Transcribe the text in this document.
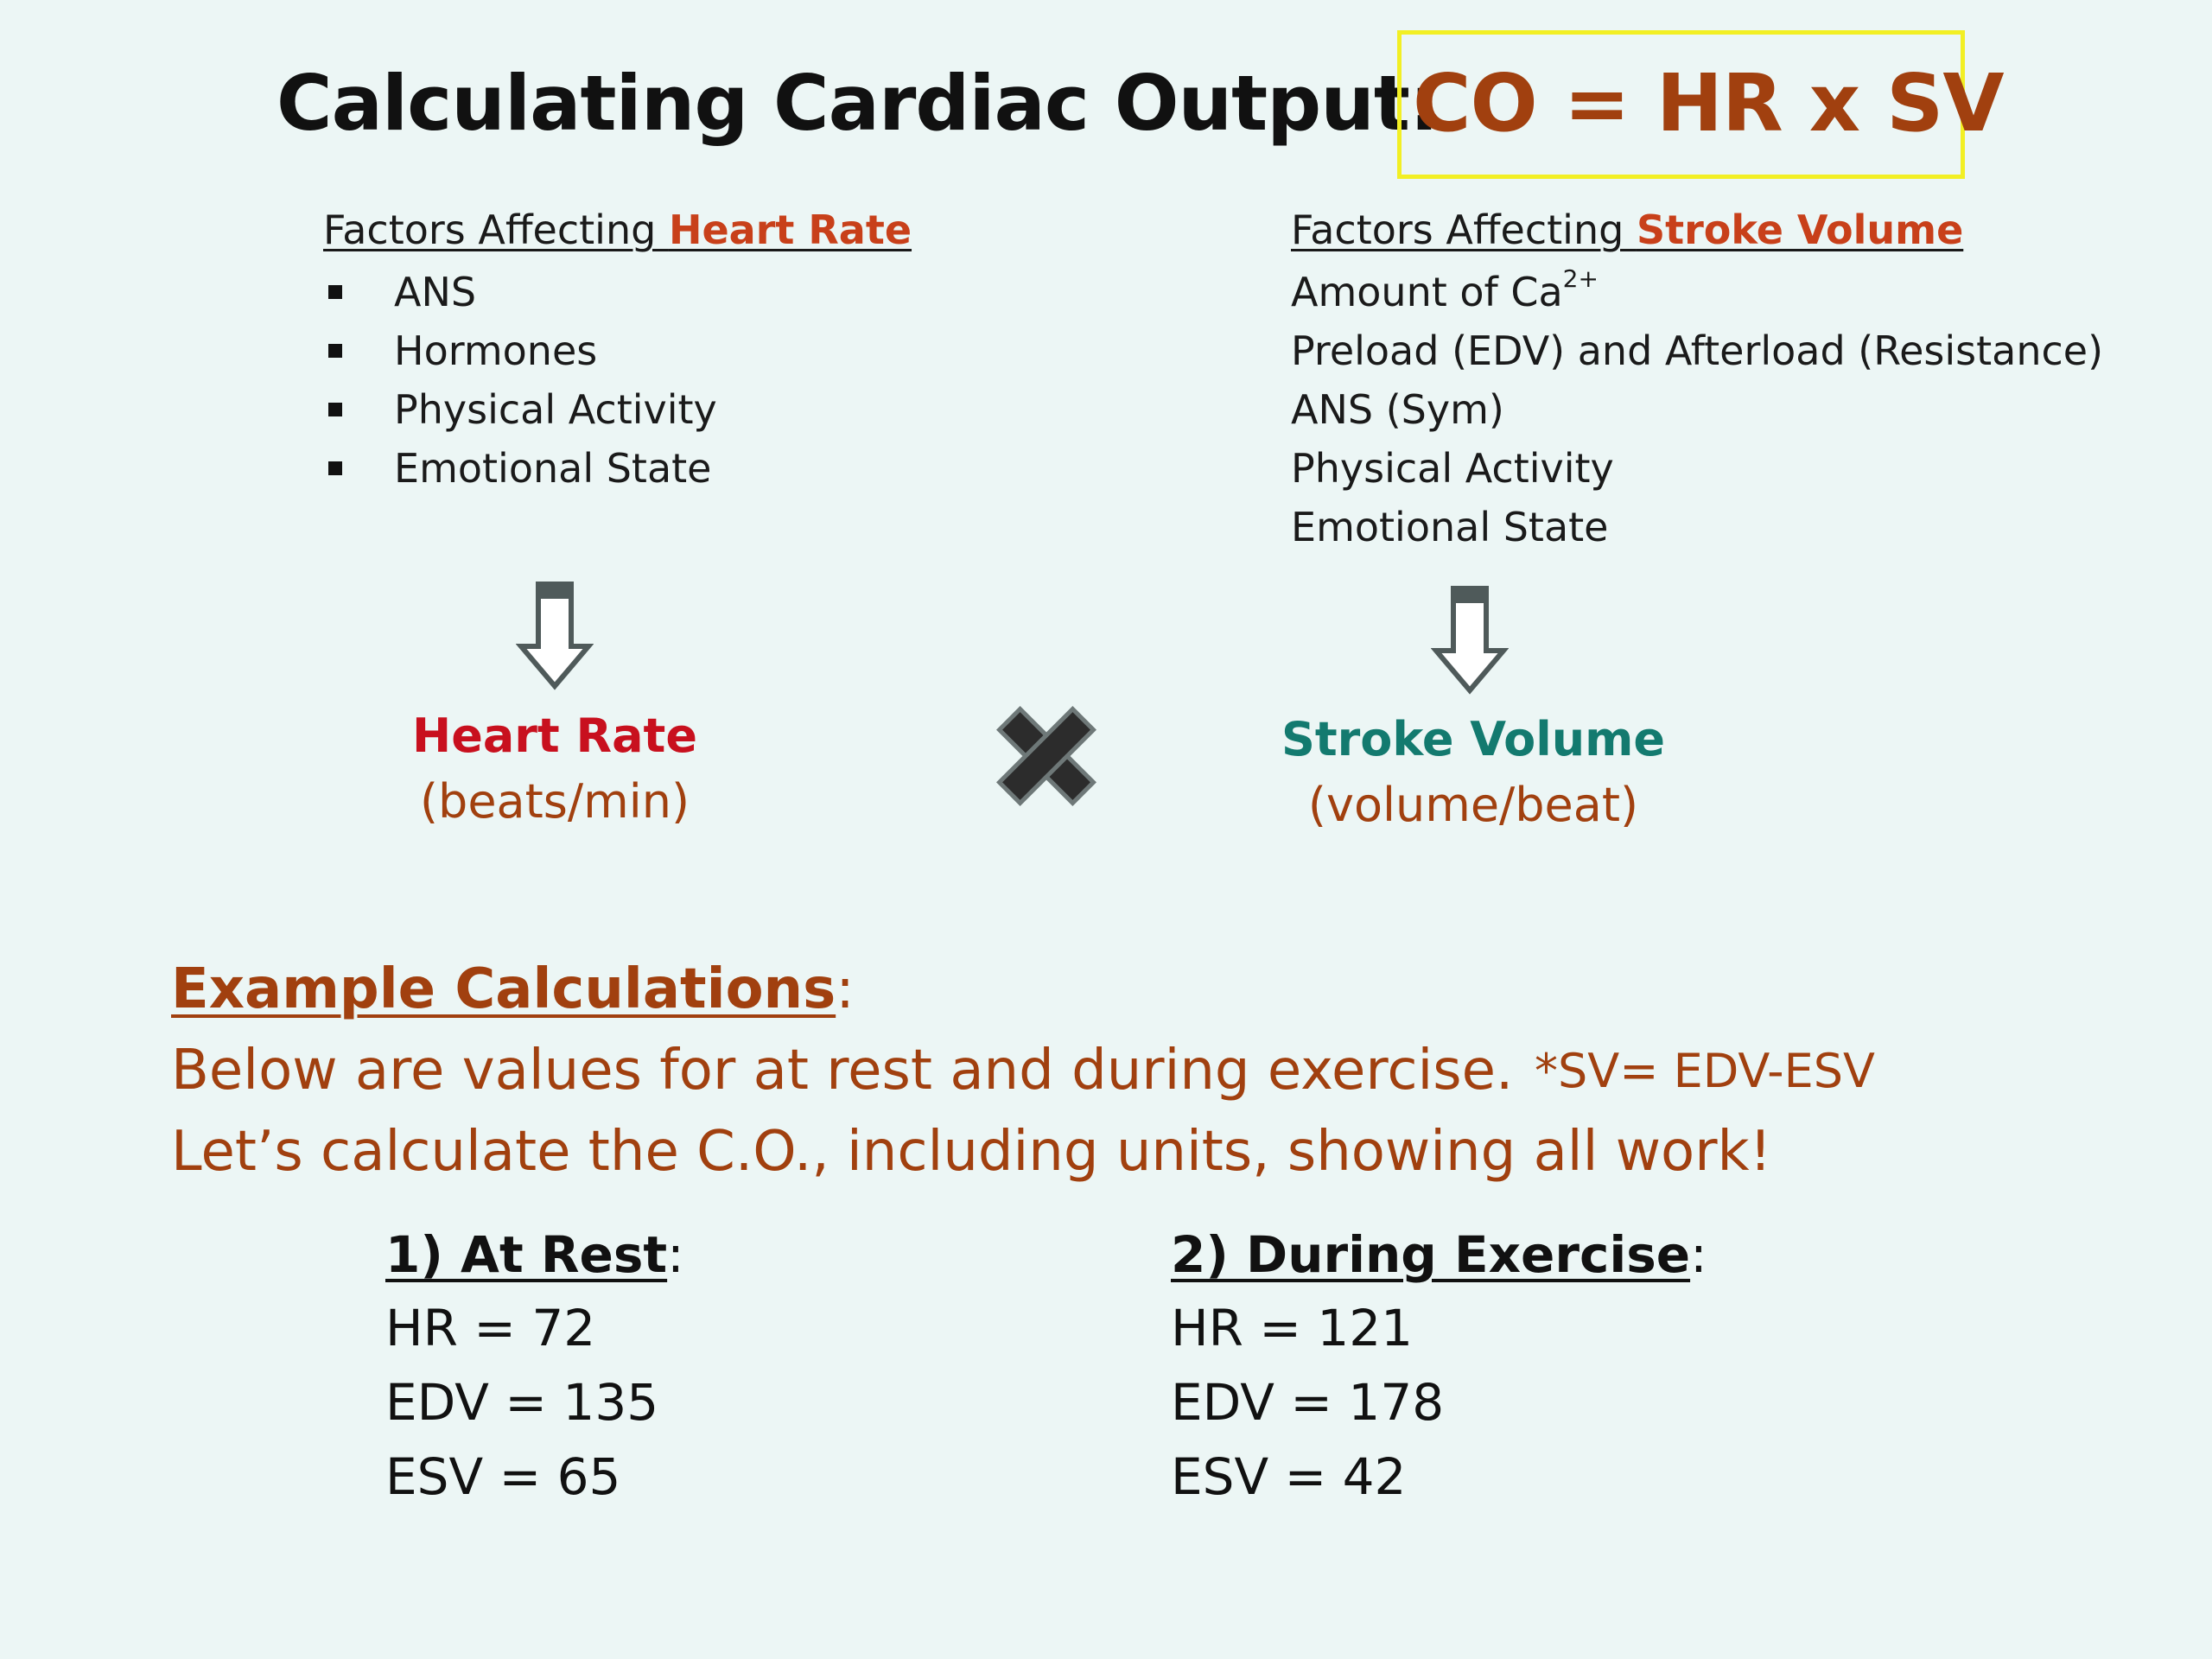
Calculating Cardiac Output:
CO = HR x SV
Factors Affecting Heart Rate
ANS
Hormones
Physical Activity
Emotional State
Factors Affecting Stroke Volume
Amount of $Ca^{2+}$
Preload (EDV) and Afterload (Resistance)
ANS (Sym)
Physical Activity
Emotional State
Heart Rate
(beats/min)
Stroke Volume
(volume/beat)
Example Calculations:
Below are values for at rest and during exercise. *SV= EDV-ESV
Let’s calculate the C.O., including units, showing all work!
1) At Rest:
HR = 72
EDV = 135
ESV = 65
2) During Exercise:
HR = 121
EDV = 178
ESV = 42
